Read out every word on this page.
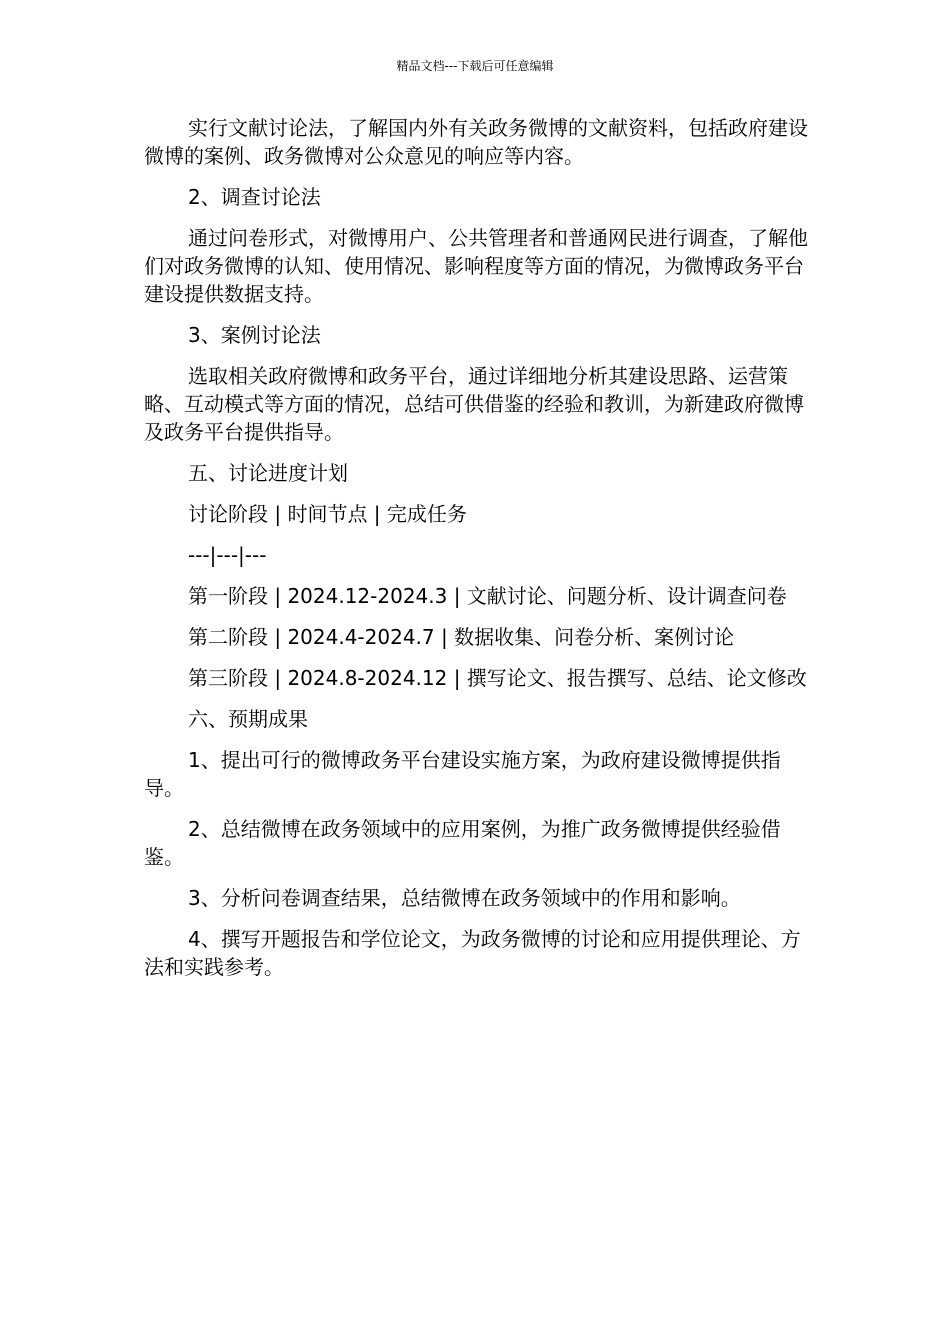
精品文档---下载后可任意编辑

实行文献讨论法，了解国内外有关政务微博的文献资料，包括政府建设微博的案例、政务微博对公众意见的响应等内容。

2、调查讨论法

通过问卷形式，对微博用户、公共管理者和普通网民进行调查，了解他们对政务微博的认知、使用情况、影响程度等方面的情况，为微博政务平台建设提供数据支持。

3、案例讨论法

选取相关政府微博和政务平台，通过详细地分析其建设思路、运营策略、互动模式等方面的情况，总结可供借鉴的经验和教训，为新建政府微博及政务平台提供指导。

五、讨论进度计划

讨论阶段 | 时间节点 | 完成任务

---|---|---

第一阶段 | 2024.12-2024.3 | 文献讨论、问题分析、设计调查问卷

第二阶段 | 2024.4-2024.7 | 数据收集、问卷分析、案例讨论

第三阶段 | 2024.8-2024.12 | 撰写论文、报告撰写、总结、论文修改

六、预期成果

1、提出可行的微博政务平台建设实施方案，为政府建设微博提供指导。

2、总结微博在政务领域中的应用案例，为推广政务微博提供经验借鉴。

3、分析问卷调查结果，总结微博在政务领域中的作用和影响。

4、撰写开题报告和学位论文，为政务微博的讨论和应用提供理论、方法和实践参考。
